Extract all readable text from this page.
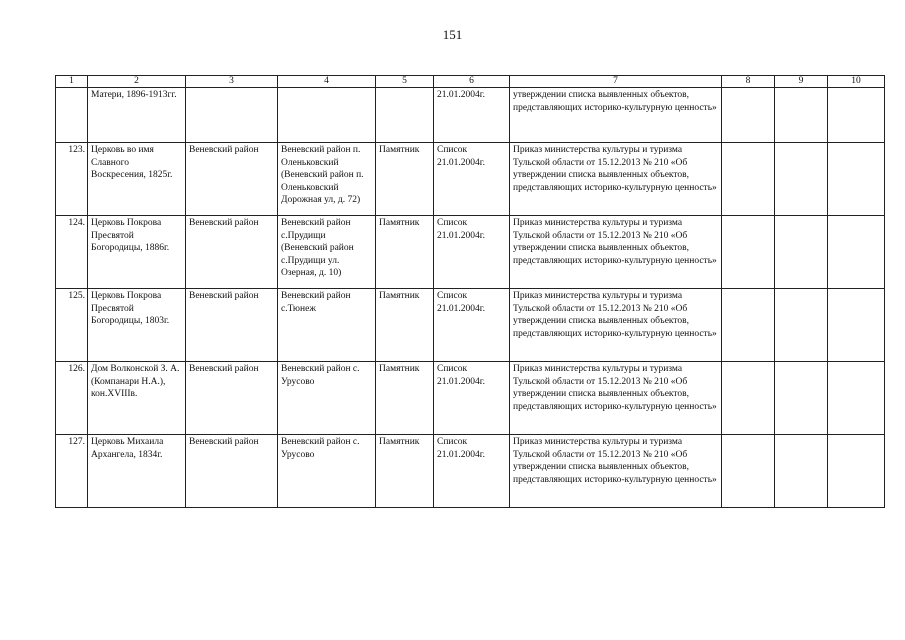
151
1	2	3	4	5	6	7	8	9	10
	Матери, 1896-1913гг.				21.01.2004г.	утверждении списка выявленных объектов, представляющих историко-культурную ценность»			
123.	Церковь во имя Славного Воскресения, 1825г.	Веневский район	Веневский район п. Оленьковский (Веневский район п. Оленьковский Дорожная ул, д. 72)	Памятник	Список 21.01.2004г.	Приказ министерства культуры и туризма Тульской области от 15.12.2013 № 210 «Об утверждении списка выявленных объектов, представляющих историко-культурную ценность»			
124.	Церковь Покрова Пресвятой Богородицы, 1886г.	Веневский район	Веневский район с.Прудищи (Веневский район с.Прудищи ул. Озерная, д. 10)	Памятник	Список 21.01.2004г.	Приказ министерства культуры и туризма Тульской области от 15.12.2013 № 210 «Об утверждении списка выявленных объектов, представляющих историко-культурную ценность»			
125.	Церковь Покрова Пресвятой Богородицы, 1803г.	Веневский район	Веневский район с.Тюнеж	Памятник	Список 21.01.2004г.	Приказ министерства культуры и туризма Тульской области от 15.12.2013 № 210 «Об утверждении списка выявленных объектов, представляющих историко-культурную ценность»			
126.	Дом Волконской З. А. (Компанари Н.А.), кон.XVIIIв.	Веневский район	Веневский район с. Урусово	Памятник	Список 21.01.2004г.	Приказ министерства культуры и туризма Тульской области от 15.12.2013 № 210 «Об утверждении списка выявленных объектов, представляющих историко-культурную ценность»			
127.	Церковь Михаила Архангела, 1834г.	Веневский район	Веневский район с. Урусово	Памятник	Список 21.01.2004г.	Приказ министерства культуры и туризма Тульской области от 15.12.2013 № 210 «Об утверждении списка выявленных объектов, представляющих историко-культурную ценность»			
